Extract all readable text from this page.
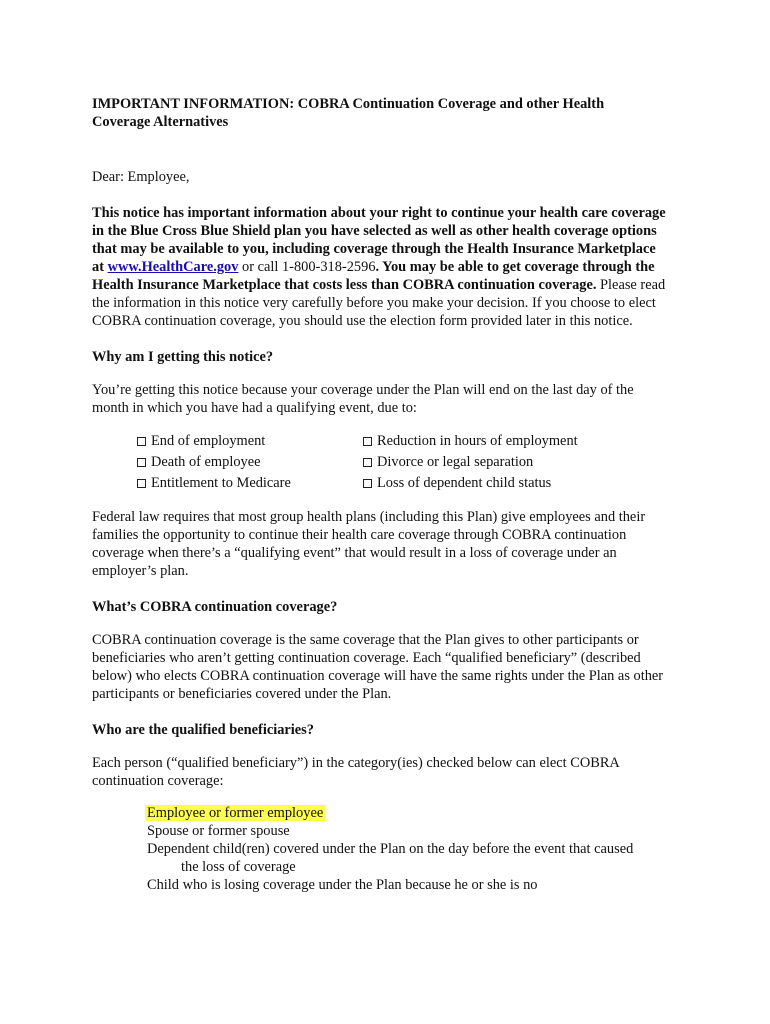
IMPORTANT INFORMATION: COBRA Continuation Coverage and other Health Coverage Alternatives

Dear: Employee,

This notice has important information about your right to continue your health care coverage in the Blue Cross Blue Shield plan you have selected as well as other health coverage options that may be available to you, including coverage through the Health Insurance Marketplace at www.HealthCare.gov or call 1-800-318-2596. You may be able to get coverage through the Health Insurance Marketplace that costs less than COBRA continuation coverage. Please read the information in this notice very carefully before you make your decision. If you choose to elect COBRA continuation coverage, you should use the election form provided later in this notice.

Why am I getting this notice?

You’re getting this notice because your coverage under the Plan will end on the last day of the month in which you have had a qualifying event, due to:

End of employment
Death of employee
Entitlement to Medicare
Reduction in hours of employment
Divorce or legal separation
Loss of dependent child status

Federal law requires that most group health plans (including this Plan) give employees and their families the opportunity to continue their health care coverage through COBRA continuation coverage when there’s a “qualifying event” that would result in a loss of coverage under an employer’s plan.

What’s COBRA continuation coverage?

COBRA continuation coverage is the same coverage that the Plan gives to other participants or beneficiaries who aren’t getting continuation coverage. Each “qualified beneficiary” (described below) who elects COBRA continuation coverage will have the same rights under the Plan as other participants or beneficiaries covered under the Plan.

Who are the qualified beneficiaries?

Each person (“qualified beneficiary”) in the category(ies) checked below can elect COBRA continuation coverage:

Employee or former employee
Spouse or former spouse
Dependent child(ren) covered under the Plan on the day before the event that caused
the loss of coverage
Child who is losing coverage under the Plan because he or she is no
